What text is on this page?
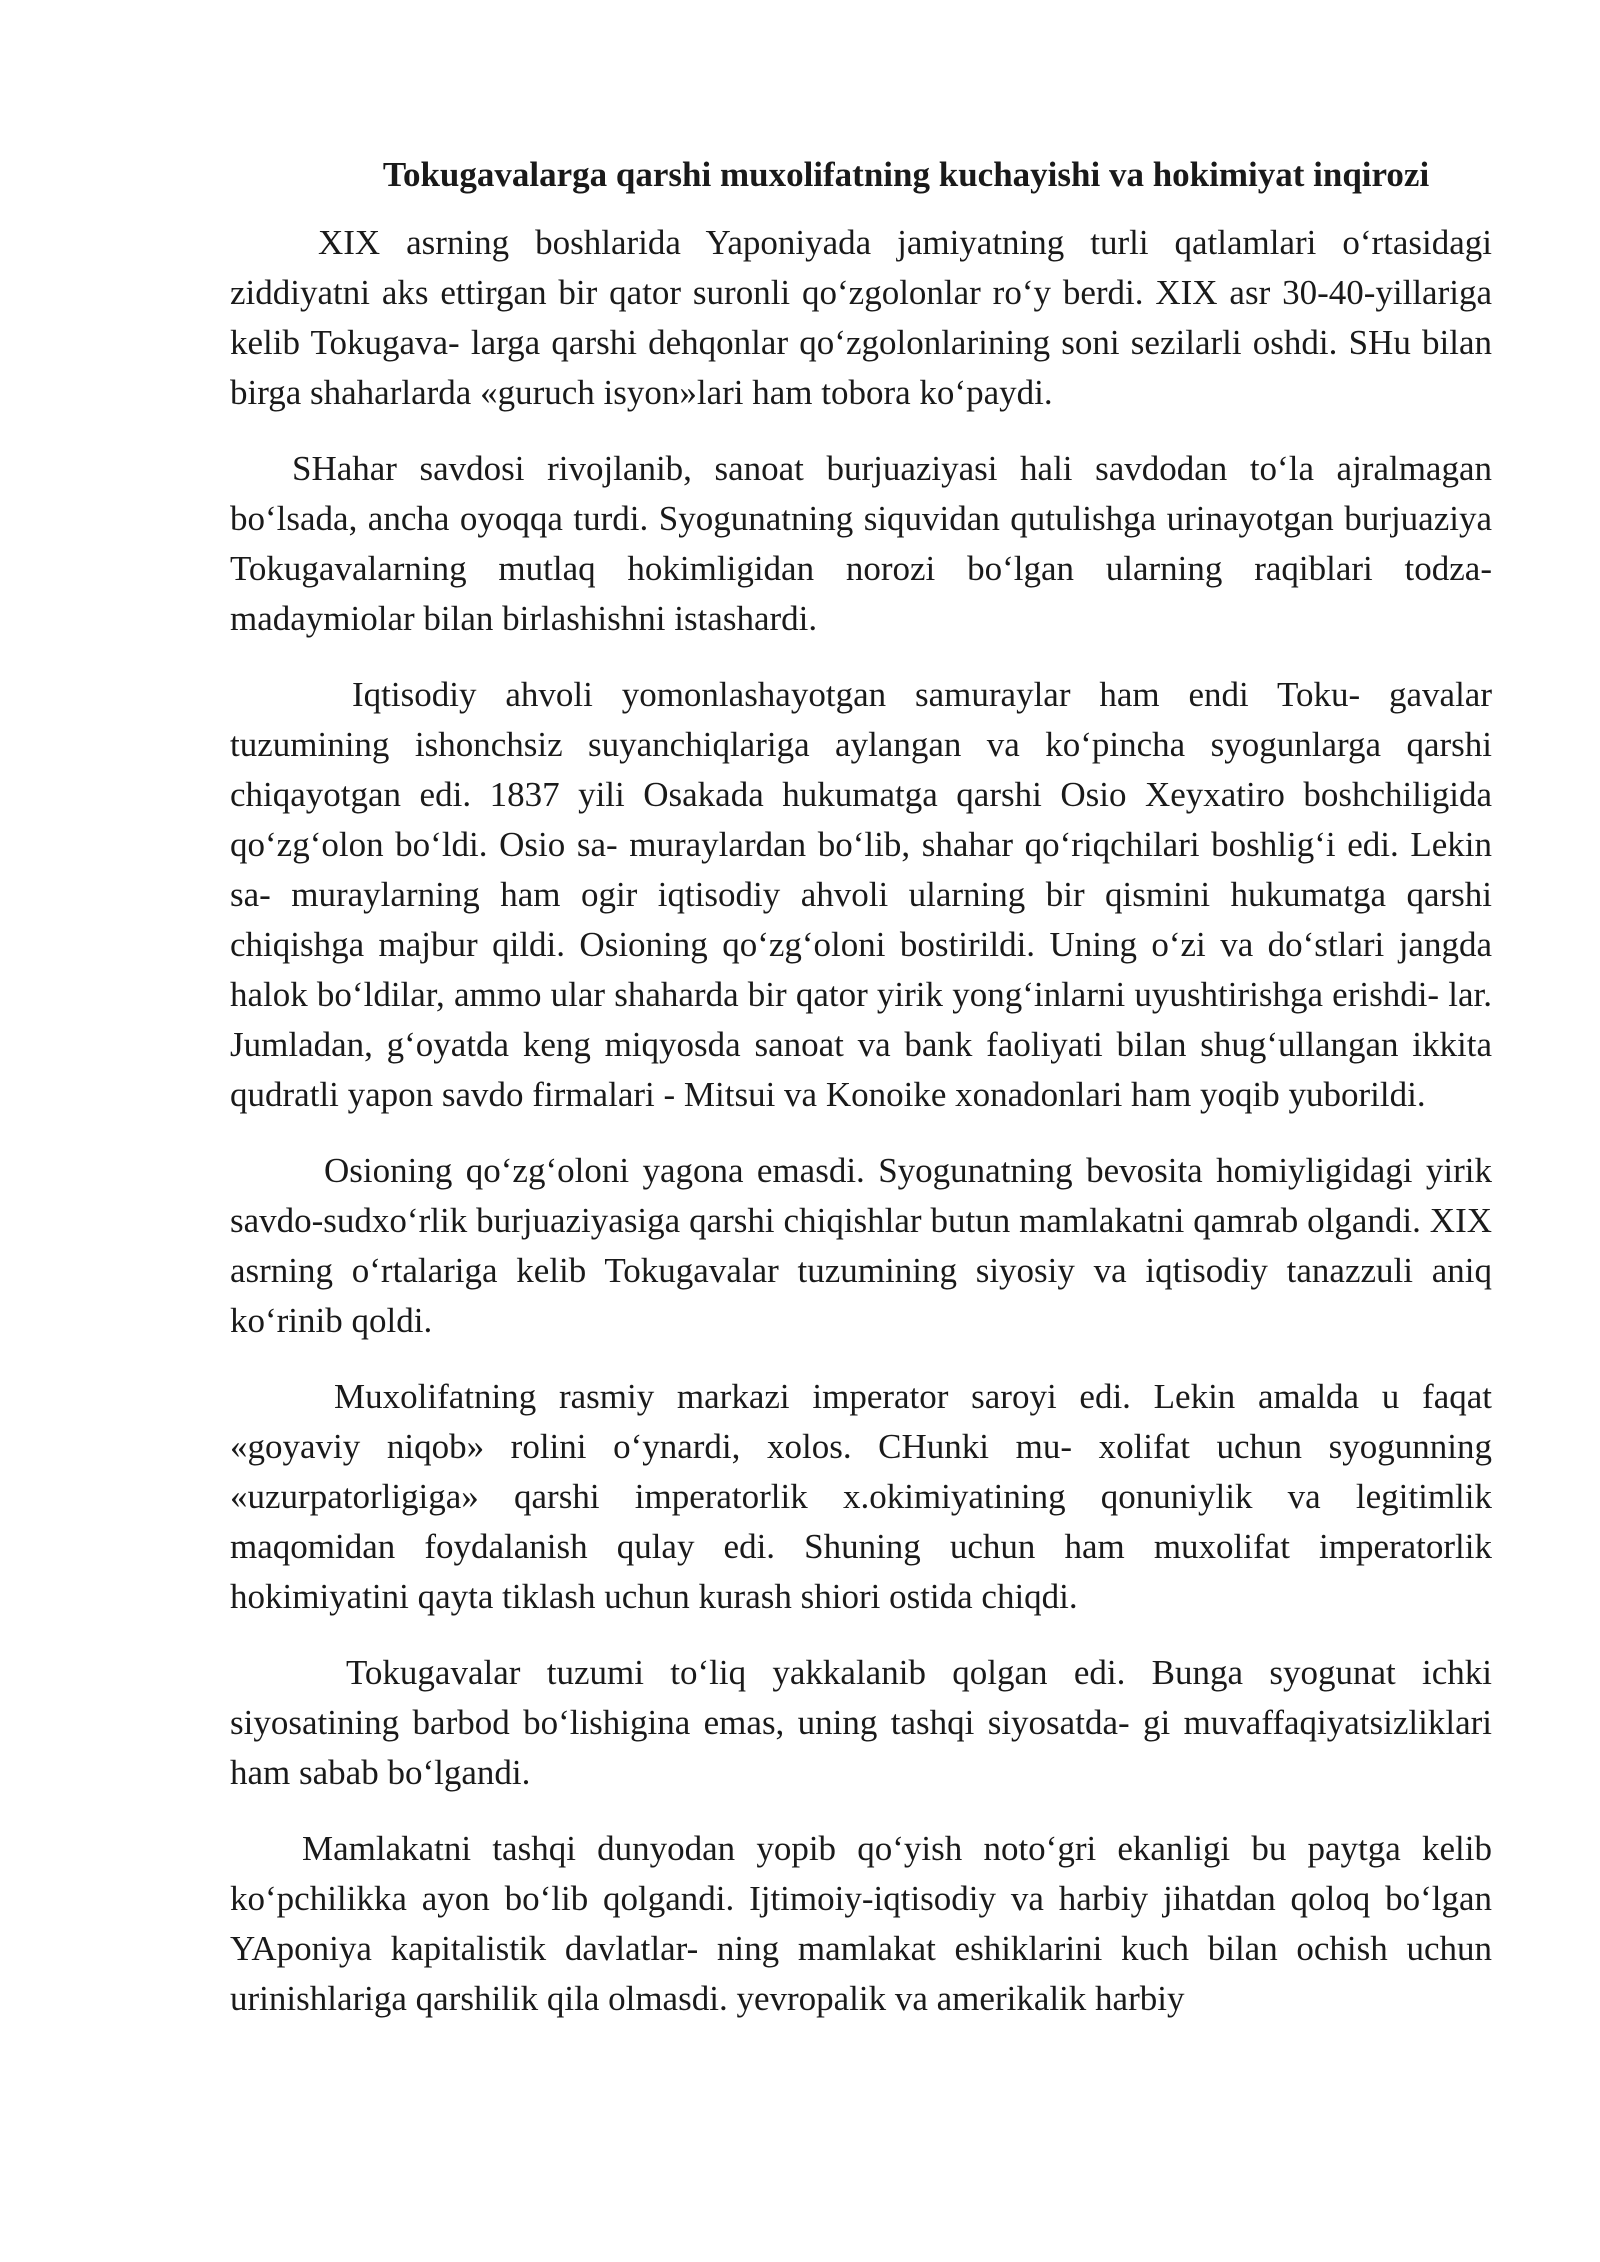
Tokugavalarga qarshi muxolifatning kuchayishi va hokimiyat inqirozi

XIX asrning boshlarida Yaponiyada jamiyatning turli qatlamlari oʻrtasidagi ziddiyatni aks ettirgan bir qator suronli qoʻzgolonlar roʻy berdi. XIX asr 30-40-yillariga kelib Tokugava- larga qarshi dehqonlar qoʻzgolonlarining soni sezilarli oshdi. SHu bilan birga shaharlarda «guruch isyon»lari ham tobora koʻpaydi.

SHahar savdosi rivojlanib, sanoat burjuaziyasi hali savdodan toʻla ajralmagan boʻlsada, ancha oyoqqa turdi. Syogunatning siquvidan qutulishga urinayotgan burjuaziya Tokugavalarning mutlaq hokimligidan norozi boʻlgan ularning raqiblari todza- madaymiolar bilan birlashishni istashardi.

Iqtisodiy ahvoli yomonlashayotgan samuraylar ham endi Toku- gavalar tuzumining ishonchsiz suyanchiqlariga aylangan va koʻpincha syogunlarga qarshi chiqayotgan edi. 1837 yili Osakada hukumatga qarshi Osio Xeyxatiro boshchiligida qoʻzgʻolon boʻldi. Osio sa- muraylardan boʻlib, shahar qoʻriqchilari boshligʻi edi. Lekin sa- muraylarning ham ogir iqtisodiy ahvoli ularning bir qismini hukumatga qarshi chiqishga majbur qildi. Osioning qoʻzgʻoloni bostirildi. Uning oʻzi va doʻstlari jangda halok boʻldilar, ammo ular shaharda bir qator yirik yongʻinlarni uyushtirishga erishdi- lar. Jumladan, gʻoyatda keng miqyosda sanoat va bank faoliyati bilan shugʻullangan ikkita qudratli yapon savdo firmalari - Mitsui va Konoike xonadonlari ham yoqib yuborildi.

Osioning qoʻzgʻoloni yagona emasdi. Syogunatning bevosita homiyligidagi yirik savdo-sudxoʻrlik burjuaziyasiga qarshi chiqishlar butun mamlakatni qamrab olgandi. XIX asrning oʻrtalariga kelib Tokugavalar tuzumining siyosiy va iqtisodiy tanazzuli aniq koʻrinib qoldi.

Muxolifatning rasmiy markazi imperator saroyi edi. Lekin amalda u faqat «goyaviy niqob» rolini oʻynardi, xolos. CHunki mu- xolifat uchun syogunning «uzurpatorligiga» qarshi imperatorlik x.okimiyatining qonuniylik va legitimlik maqomidan foydalanish qulay edi. Shuning uchun ham muxolifat imperatorlik hokimiyatini qayta tiklash uchun kurash shiori ostida chiqdi.

Tokugavalar tuzumi toʻliq yakkalanib qolgan edi. Bunga syogunat ichki siyosatining barbod boʻlishigina emas, uning tashqi siyosatda- gi muvaffaqiyatsizliklari ham sabab boʻlgandi.

Mamlakatni tashqi dunyodan yopib qoʻyish notoʻgri ekanligi bu paytga kelib koʻpchilikka ayon boʻlib qolgandi. Ijtimoiy-iqtisodiy va harbiy jihatdan qoloq boʻlgan YAponiya kapitalistik davlatlar- ning mamlakat eshiklarini kuch bilan ochish uchun urinishlariga qarshilik qila olmasdi. yevropalik va amerikalik harbiy
